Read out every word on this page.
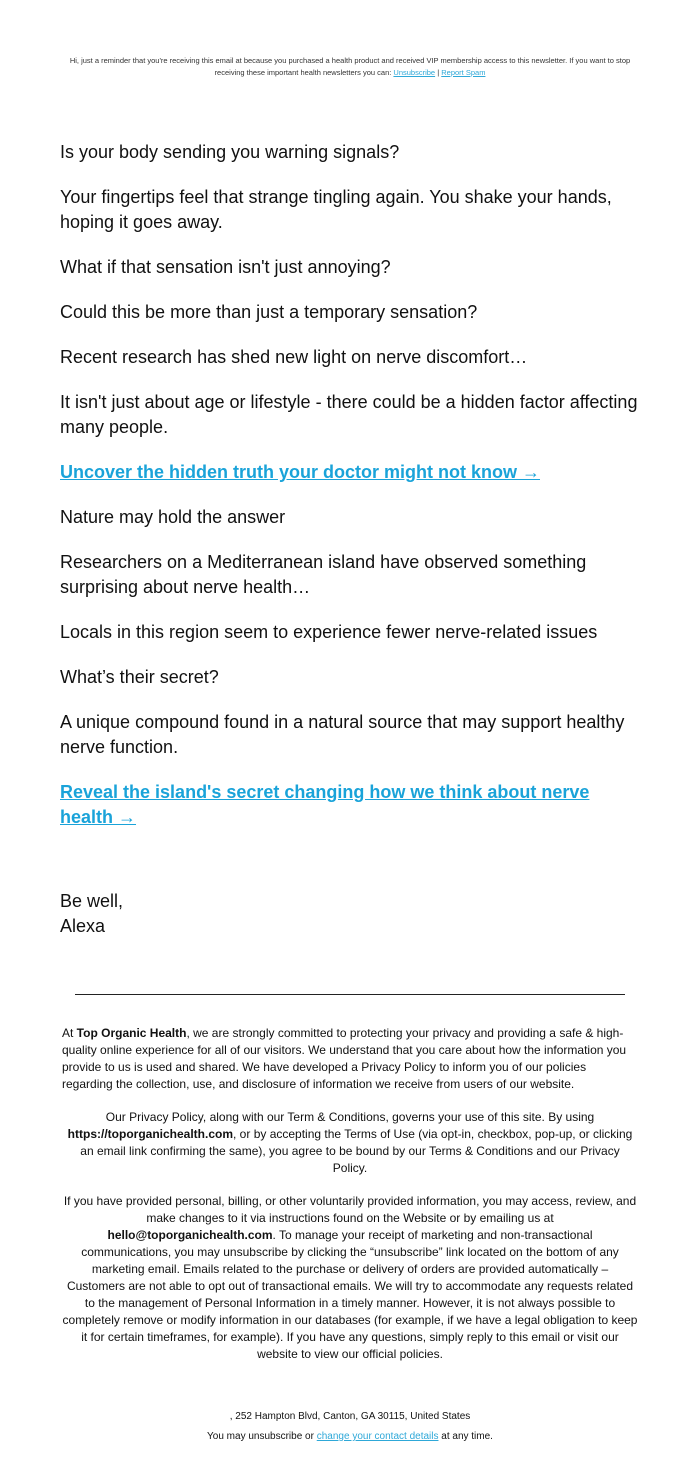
Hi, just a reminder that you're receiving this email at because you purchased a health product and received VIP membership access to this newsletter. If you want to stop receiving these important health newsletters you can: Unsubscribe | Report Spam

Is your body sending you warning signals?

Your fingertips feel that strange tingling again. You shake your hands, hoping it goes away.

What if that sensation isn't just annoying?

Could this be more than just a temporary sensation?

Recent research has shed new light on nerve discomfort…

It isn't just about age or lifestyle - there could be a hidden factor affecting many people.

Uncover the hidden truth your doctor might not know →

Nature may hold the answer

Researchers on a Mediterranean island have observed something surprising about nerve health…

Locals in this region seem to experience fewer nerve-related issues

What’s their secret?

A unique compound found in a natural source that may support healthy nerve function.

Reveal the island's secret changing how we think about nerve health →
Be well,
Alexa

At Top Organic Health, we are strongly committed to protecting your privacy and providing a safe & high-quality online experience for all of our visitors. We understand that you care about how the information you provide to us is used and shared. We have developed a Privacy Policy to inform you of our policies regarding the collection, use, and disclosure of information we receive from users of our website.

Our Privacy Policy, along with our Term & Conditions, governs your use of this site. By using https://toporganichealth.com, or by accepting the Terms of Use (via opt-in, checkbox, pop-up, or clicking an email link confirming the same), you agree to be bound by our Terms & Conditions and our Privacy Policy.

If you have provided personal, billing, or other voluntarily provided information, you may access, review, and make changes to it via instructions found on the Website or by emailing us at hello@toporganichealth.com. To manage your receipt of marketing and non-transactional communications, you may unsubscribe by clicking the “unsubscribe” link located on the bottom of any marketing email. Emails related to the purchase or delivery of orders are provided automatically – Customers are not able to opt out of transactional emails. We will try to accommodate any requests related to the management of Personal Information in a timely manner. However, it is not always possible to completely remove or modify information in our databases (for example, if we have a legal obligation to keep it for certain timeframes, for example). If you have any questions, simply reply to this email or visit our website to view our official policies.

, 252 Hampton Blvd, Canton, GA 30115, United States
You may unsubscribe or change your contact details at any time.
